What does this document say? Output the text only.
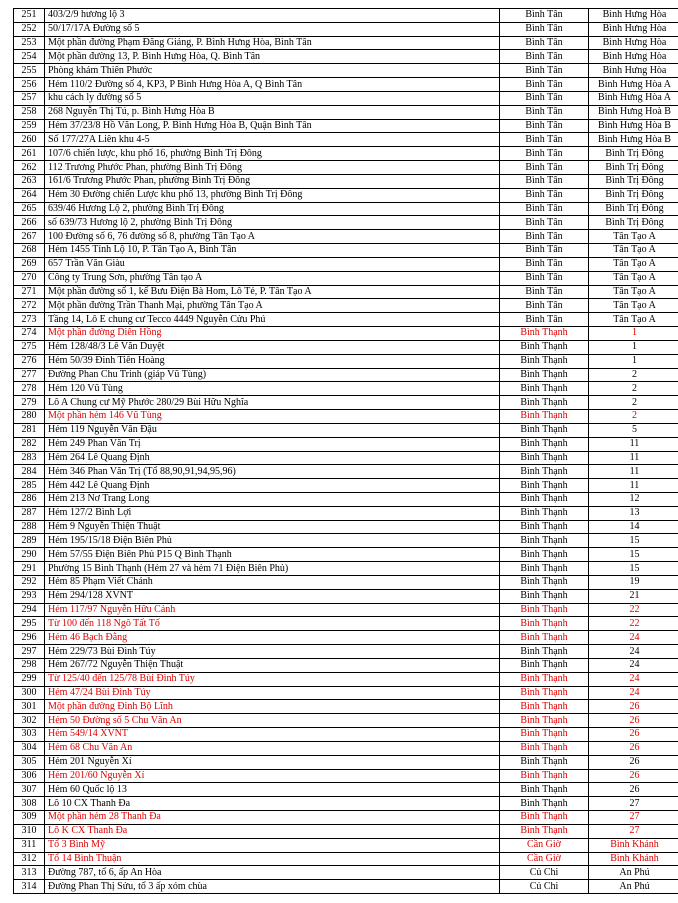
251	403/2/9 hương lộ 3	Bình Tân	Bình Hưng Hòa
252	50/17/17A Đường số 5	Bình Tân	Bình Hưng Hòa
253	Một phần đường Phạm Đăng Giảng, P. Bình Hưng Hòa, Bình Tân	Bình Tân	Bình Hưng Hòa
254	Một phần đường 13, P. Bình Hưng Hòa, Q. Bình Tân	Bình Tân	Bình Hưng Hòa
255	Phòng khám Thiên Phước	Bình Tân	Bình Hưng Hòa
256	Hẻm 110/2 Đường số 4, KP3, P Bình Hưng Hòa A, Q Bình Tân	Bình Tân	Bình Hưng Hòa A
257	khu cách ly đường số 5	Bình Tân	Bình Hưng Hòa A
258	268 Nguyễn Thị Tú, p. Bình Hưng Hòa B	Bình Tân	Bình Hưng Hoà B
259	Hẻm 37/23/8 Hồ Văn Long, P. Bình Hưng Hòa B, Quận Bình Tân	Bình Tân	Bình Hưng Hòa B
260	Số 177/27A Liên khu 4-5	Bình Tân	Bình Hưng Hòa B
261	107/6 chiến lược, khu phố 16, phường Bình Trị Đông	Bình Tân	Bình Trị Đông
262	112 Trương Phước Phan, phường Bình Trị Đông	Bình Tân	Bình Trị Đông
263	161/6 Trương Phước Phan, phường Bình Trị Đông	Bình Tân	Bình Trị Đông
264	Hẻm 30 Đường chiến Lược khu phố 13, phường Bình Trị Đông	Bình Tân	Bình Trị Đông
265	639/46 Hương Lộ 2, phường Bình Trị Đông	Bình Tân	Bình Trị Đông
266	số 639/73 Hương lộ 2, phường Bình Trị Đông	Bình Tân	Bình Trị Đông
267	100 Đường số 6, 76 đường số 8, phường Tân Tạo A	Bình Tân	Tân Tạo A
268	Hẻm 1455 Tỉnh Lộ 10, P. Tân Tạo A, Bình Tân	Bình Tân	Tân Tạo A
269	657 Trần Văn Giàu	Bình Tân	Tân Tạo A
270	Công ty Trung Sơn, phường Tân tạo A	Bình Tân	Tân Tạo A
271	Một phần đường số 1, kế Bưu Điện Bà Hom, Lô Tẻ, P. Tân Tạo A	Bình Tân	Tân Tạo A
272	Một phần đường Trần Thanh Mại, phường Tân Tạo A	Bình Tân	Tân Tạo A
273	Tầng 14, Lô E chung cư Tecco 4449 Nguyễn Cửu Phú	Bình Tân	Tân Tạo A
274	Một phần đường Diên Hồng	Bình Thạnh	1
275	Hẻm 128/48/3 Lê Văn Duyệt	Bình Thạnh	1
276	Hẻm 50/39 Đinh Tiên Hoàng	Bình Thạnh	1
277	Đường Phan Chu Trinh (giáp Vũ Tùng)	Bình Thạnh	2
278	Hẻm 120 Vũ Tùng	Bình Thạnh	2
279	Lô A Chung cư Mỹ Phước 280/29 Bùi Hữu Nghĩa	Bình Thạnh	2
280	Một phần hẻm 146 Vũ Tùng	Bình Thạnh	2
281	Hẻm 119 Nguyễn Văn Đậu	Bình Thạnh	5
282	Hẻm 249 Phan Văn Trị	Bình Thạnh	11
283	Hẻm 264 Lê Quang Định	Bình Thạnh	11
284	Hẻm 346 Phan Văn Trị (Tổ 88,90,91,94,95,96)	Bình Thạnh	11
285	Hẻm 442 Lê Quang Định	Bình Thạnh	11
286	Hẻm 213 Nơ Trang Long	Bình Thạnh	12
287	Hẻm 127/2 Bình Lợi	Bình Thạnh	13
288	Hẻm 9 Nguyễn Thiện Thuật	Bình Thạnh	14
289	Hẻm 195/15/18 Điện Biên Phủ	Bình Thạnh	15
290	Hẻm 57/55 Điện Biên Phủ P15 Q Bình Thạnh	Bình Thạnh	15
291	Phường 15 Bình Thạnh (Hẻm 27 và hẻm 71 Điện Biên Phủ)	Bình Thạnh	15
292	Hẻm 85 Phạm Viết Chánh	Bình Thạnh	19
293	Hẻm 294/128 XVNT	Bình Thạnh	21
294	Hẻm 117/97 Nguyễn Hữu Cảnh	Bình Thạnh	22
295	Từ 100 đến 118 Ngô Tất Tố	Bình Thạnh	22
296	Hẻm 46 Bạch Đằng	Bình Thạnh	24
297	Hẻm 229/73 Bùi Đình Túy	Bình Thạnh	24
298	Hẻm 267/72 Nguyễn Thiện Thuật	Bình Thạnh	24
299	Từ 125/40 đến 125/78 Bùi Đình Túy	Bình Thạnh	24
300	Hẻm 47/24 Bùi Đình Túy	Bình Thạnh	24
301	Một phần đường Đinh Bộ Lĩnh	Bình Thạnh	26
302	Hẻm 50 Đường số 5 Chu Văn An	Bình Thạnh	26
303	Hẻm 549/14 XVNT	Bình Thạnh	26
304	Hẻm 68 Chu Văn An	Bình Thạnh	26
305	Hẻm 201 Nguyễn Xí	Bình Thạnh	26
306	Hẻm 201/60 Nguyễn Xí	Bình Thạnh	26
307	Hẻm 60 Quốc lộ 13	Bình Thạnh	26
308	Lô 10 CX Thanh Đa	Bình Thạnh	27
309	Một phần hẻm 28 Thanh Đa	Bình Thạnh	27
310	Lô K CX Thanh Đa	Bình Thạnh	27
311	Tổ 3 Bình Mỹ	Cần Giờ	Bình Khánh
312	Tổ 14 Bình Thuận	Cần Giờ	Bình Khánh
313	Đường 787, tổ 6, ấp An Hòa	Củ Chi	An Phú
314	Đường Phan Thị Sửu, tổ 3 ấp xóm chùa	Củ Chi	An Phú
